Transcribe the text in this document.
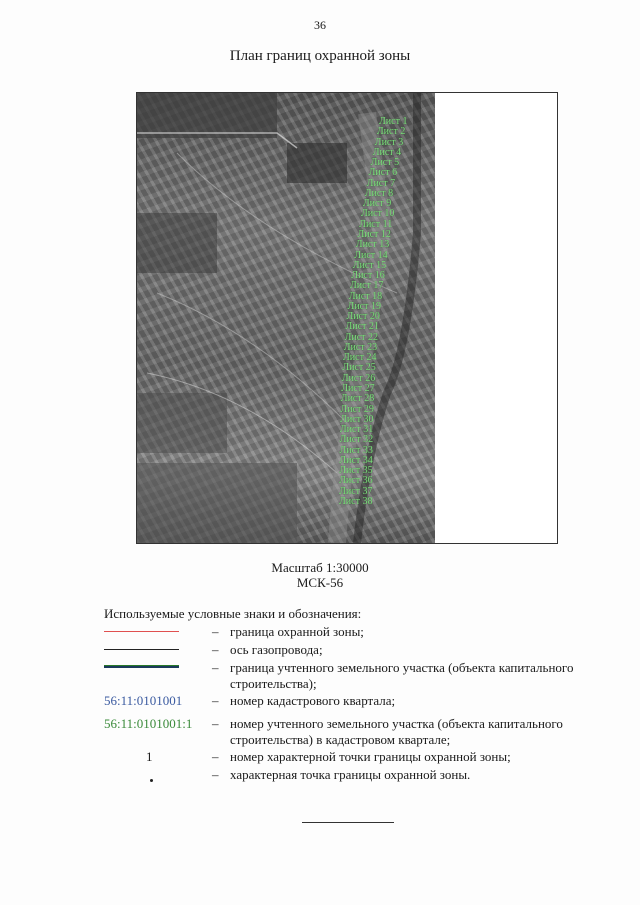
36
План границ охранной зоны
Лист 1
Лист 2
Лист 3
Лист 4
Лист 5
Лист 6
Лист 7
Лист 8
Лист 9
Лист 10
Лист 11
Лист 12
Лист 13
Лист 14
Лист 15
Лист 16
Лист 17
Лист 18
Лист 19
Лист 20
Лист 21
Лист 22
Лист 23
Лист 24
Лист 25
Лист 26
Лист 27
Лист 28
Лист 29
Лист 30
Лист 31
Лист 32
Лист 33
Лист 34
Лист 35
Лист 36
Лист 37
Лист 38
Масштаб 1:30000
МСК-56
Используемые условные знаки и обозначения:
– граница охранной зоны;
– ось газопровода;
– граница учтенного земельного участка (объекта капитального строительства);
56:11:0101001 – номер кадастрового квартала;
56:11:0101001:1 – номер учтенного земельного участка (объекта капитального строительства) в кадастровом квартале;
1	– номер характерной точки границы охранной зоны;
– характерная точка границы охранной зоны.
